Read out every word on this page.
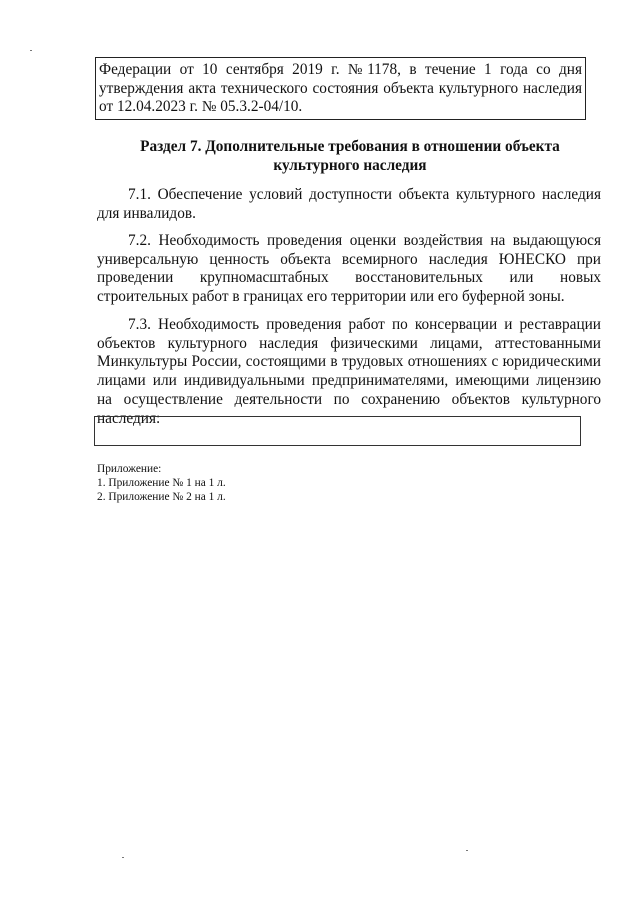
Федерации от 10 сентября 2019 г. №1178, в течение 1 года со дня утверждения акта технического состояния объекта культурного наследия от 12.04.2023 г. № 05.3.2-04/10.
Раздел 7. Дополнительные требования в отношении объекта
культурного наследия
7.1. Обеспечение условий доступности объекта культурного наследия для инвалидов.
7.2. Необходимость проведения оценки воздействия на выдающуюся универсальную ценность объекта всемирного наследия ЮНЕСКО при проведении крупномасштабных восстановительных или новых строительных работ в границах его территории или его буферной зоны.
7.3. Необходимость проведения работ по консервации и реставрации объектов культурного наследия физическими лицами, аттестованными Минкультуры России, состоящими в трудовых отношениях с юридическими лицами или индивидуальными предпринимателями, имеющими лицензию на осуществление деятельности по сохранению объектов культурного наследия:
Приложение:
1. Приложение № 1 на 1 л.
2. Приложение № 2 на 1 л.
